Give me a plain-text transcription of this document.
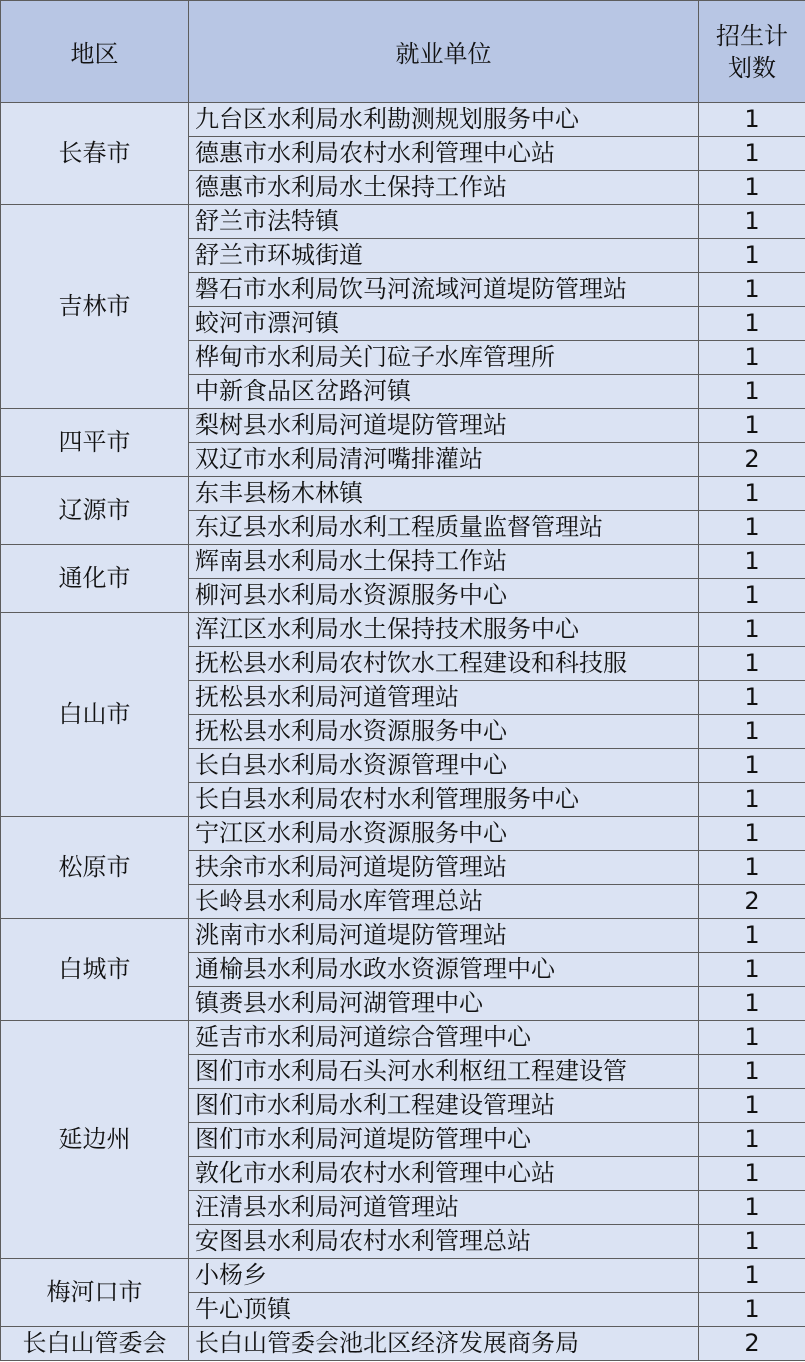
地区	就业单位	招生计划数

长春市	九台区水利局水利勘测规划服务中心	1
	德惠市水利局农村水利管理中心站	1
	德惠市水利局水土保持工作站	1
吉林市	舒兰市法特镇	1
	舒兰市环城街道	1
	磐石市水利局饮马河流域河道堤防管理站	1
	蛟河市漂河镇	1
	桦甸市水利局关门砬子水库管理所	1
	中新食品区岔路河镇	1
四平市	梨树县水利局河道堤防管理站	1
	双辽市水利局清河嘴排灌站	2
辽源市	东丰县杨木林镇	1
	东辽县水利局水利工程质量监督管理站	1
通化市	辉南县水利局水土保持工作站	1
	柳河县水利局水资源服务中心	1
白山市	浑江区水利局水土保持技术服务中心	1
	抚松县水利局农村饮水工程建设和科技服	1
	抚松县水利局河道管理站	1
	抚松县水利局水资源服务中心	1
	长白县水利局水资源管理中心	1
	长白县水利局农村水利管理服务中心	1
松原市	宁江区水利局水资源服务中心	1
	扶余市水利局河道堤防管理站	1
	长岭县水利局水库管理总站	2
白城市	洮南市水利局河道堤防管理站	1
	通榆县水利局水政水资源管理中心	1
	镇赉县水利局河湖管理中心	1
延边州	延吉市水利局河道综合管理中心	1
	图们市水利局石头河水利枢纽工程建设管	1
	图们市水利局水利工程建设管理站	1
	图们市水利局河道堤防管理中心	1
	敦化市水利局农村水利管理中心站	1
	汪清县水利局河道管理站	1
	安图县水利局农村水利管理总站	1
梅河口市	小杨乡	1
	牛心顶镇	1
长白山管委会	长白山管委会池北区经济发展商务局	2
